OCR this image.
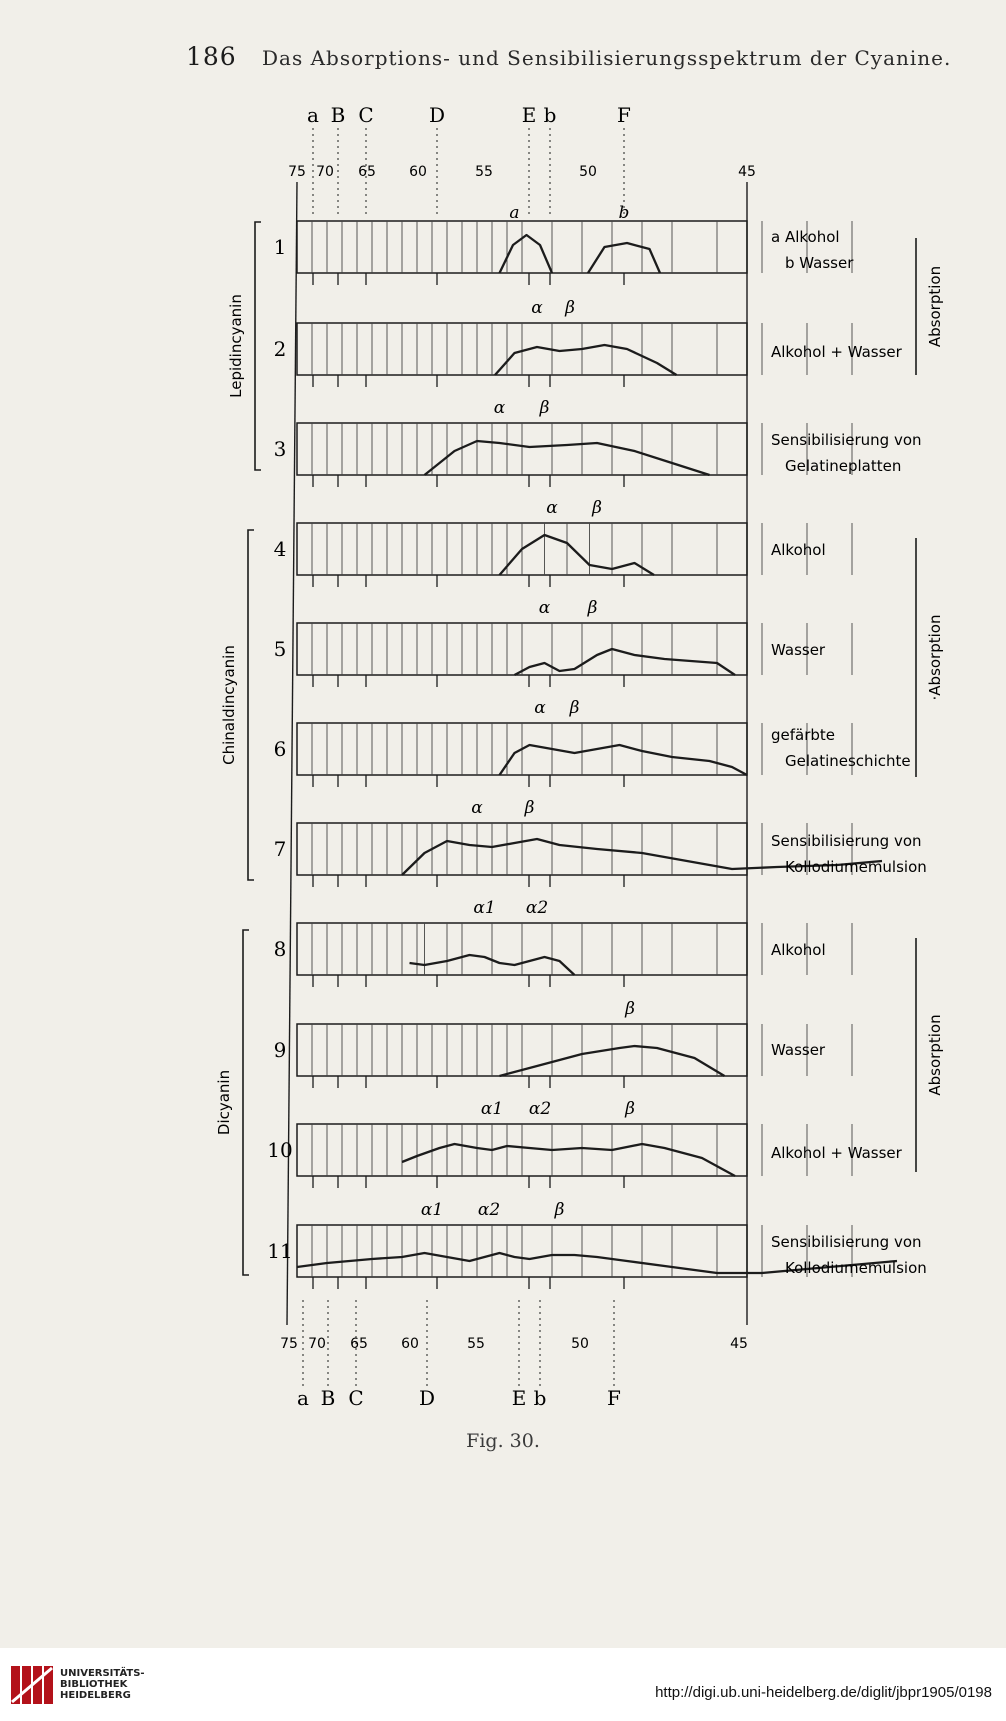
186 Das Absorptions- und Sensibilisierungsspektrum der Cyanine.
75
75
70
70
65
65
60
60
55
55
50
50
45
45
a
a
B
B
C
C
D
D
E
E
b
b
F
F
1
a	b
a Alkohol
b Wasser
2
α β
Alkohol + Wasser
3
α β
Sensibilisierung von
Gelatineplatten
4
α β
Alkohol
5
α β
Wasser
6
α β
gefärbte
Gelatineschichte
7
α β
Sensibilisierung von
Kollodiumemulsion
8
α1 α2
Alkohol
9
β
Wasser
10
α1 α2	β
Alkohol + Wasser
11
α1 α2	β
Sensibilisierung von
Kollodiumemulsion
Lepidincyanin
Chinaldincyanin
Dicyanin
Absorption
·Absorption
Absorption
Fig. 30.
UNIVERSITÄTS-
BIBLIOTHEK
HEIDELBERG	http://digi.ub.uni-heidelberg.de/diglit/jbpr1905/0198
